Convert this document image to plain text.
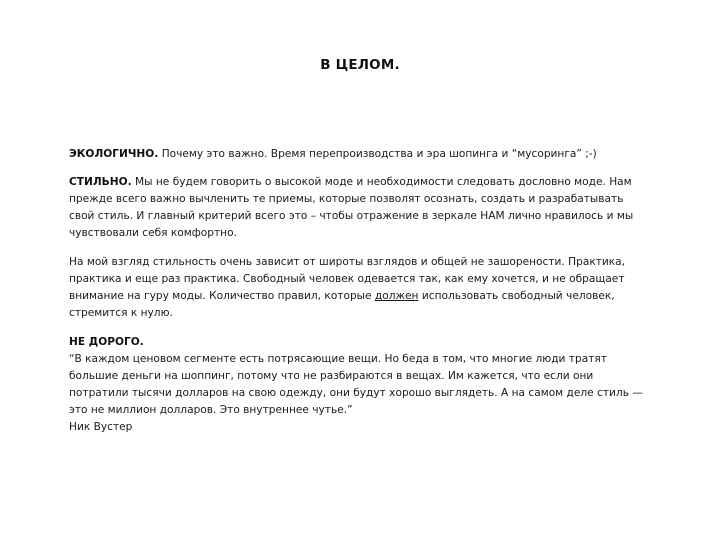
В ЦЕЛОМ.

ЭКОЛОГИЧНО. Почему это важно. Время перепроизводства и эра шопинга и “мусоринга” ;-)

СТИЛЬНО. Мы не будем говорить о высокой моде и необходимости следовать дословно моде. Нам
прежде всего важно вычленить те приемы, которые позволят осознать, создать и разрабатывать
свой стиль. И главный критерий всего это – чтобы отражение в зеркале НАМ лично нравилось и мы
чувствовали себя комфортно.

На мой взгляд стильность очень зависит от широты взглядов и общей не зашорености. Практика,
практика и еще раз практика. Свободный человек одевается так, как ему хочется, и не обращает
внимание на гуру моды. Количество правил, которые должен использовать свободный человек,
стремится к нулю.

НЕ ДОРОГО.
“В каждом ценовом сегменте есть потрясающие вещи. Но беда в том, что многие люди тратят
большие деньги на шоппинг, потому что не разбираются в вещах. Им кажется, что если они
потратили тысячи долларов на свою одежду, они будут хорошо выглядеть. А на самом деле стиль —
это не миллион долларов. Это внутреннее чутье.”
Ник Вустер
